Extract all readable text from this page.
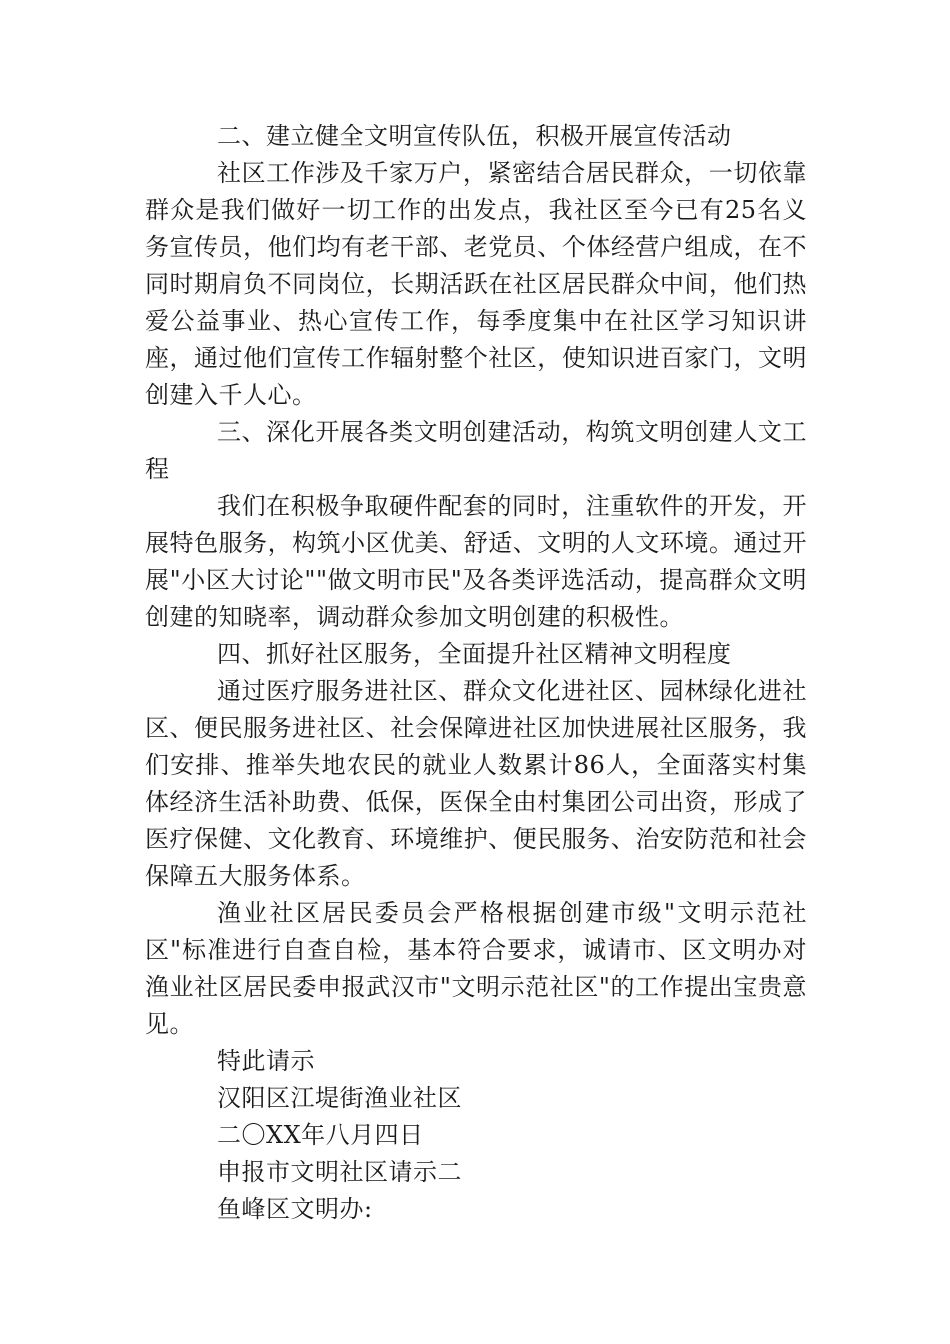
二、建立健全文明宣传队伍，积极开展宣传活动

社区工作涉及千家万户，紧密结合居民群众，一切依靠群众是我们做好一切工作的出发点，我社区至今已有25名义务宣传员，他们均有老干部、老党员、个体经营户组成，在不同时期肩负不同岗位，长期活跃在社区居民群众中间，他们热爱公益事业、热心宣传工作，每季度集中在社区学习知识讲座，通过他们宣传工作辐射整个社区，使知识进百家门，文明创建入千人心。

三、深化开展各类文明创建活动，构筑文明创建人文工程

我们在积极争取硬件配套的同时，注重软件的开发，开展特色服务，构筑小区优美、舒适、文明的人文环境。通过开展"小区大讨论""做文明市民"及各类评选活动，提高群众文明创建的知晓率，调动群众参加文明创建的积极性。

四、抓好社区服务，全面提升社区精神文明程度

通过医疗服务进社区、群众文化进社区、园林绿化进社区、便民服务进社区、社会保障进社区加快进展社区服务，我们安排、推举失地农民的就业人数累计86人，全面落实村集体经济生活补助费、低保，医保全由村集团公司出资，形成了医疗保健、文化教育、环境维护、便民服务、治安防范和社会保障五大服务体系。

渔业社区居民委员会严格根据创建市级"文明示范社区"标准进行自查自检，基本符合要求，诚请市、区文明办对渔业社区居民委申报武汉市"文明示范社区"的工作提出宝贵意见。

特此请示

汉阳区江堤街渔业社区

二〇XX年八月四日

申报市文明社区请示二

鱼峰区文明办:
